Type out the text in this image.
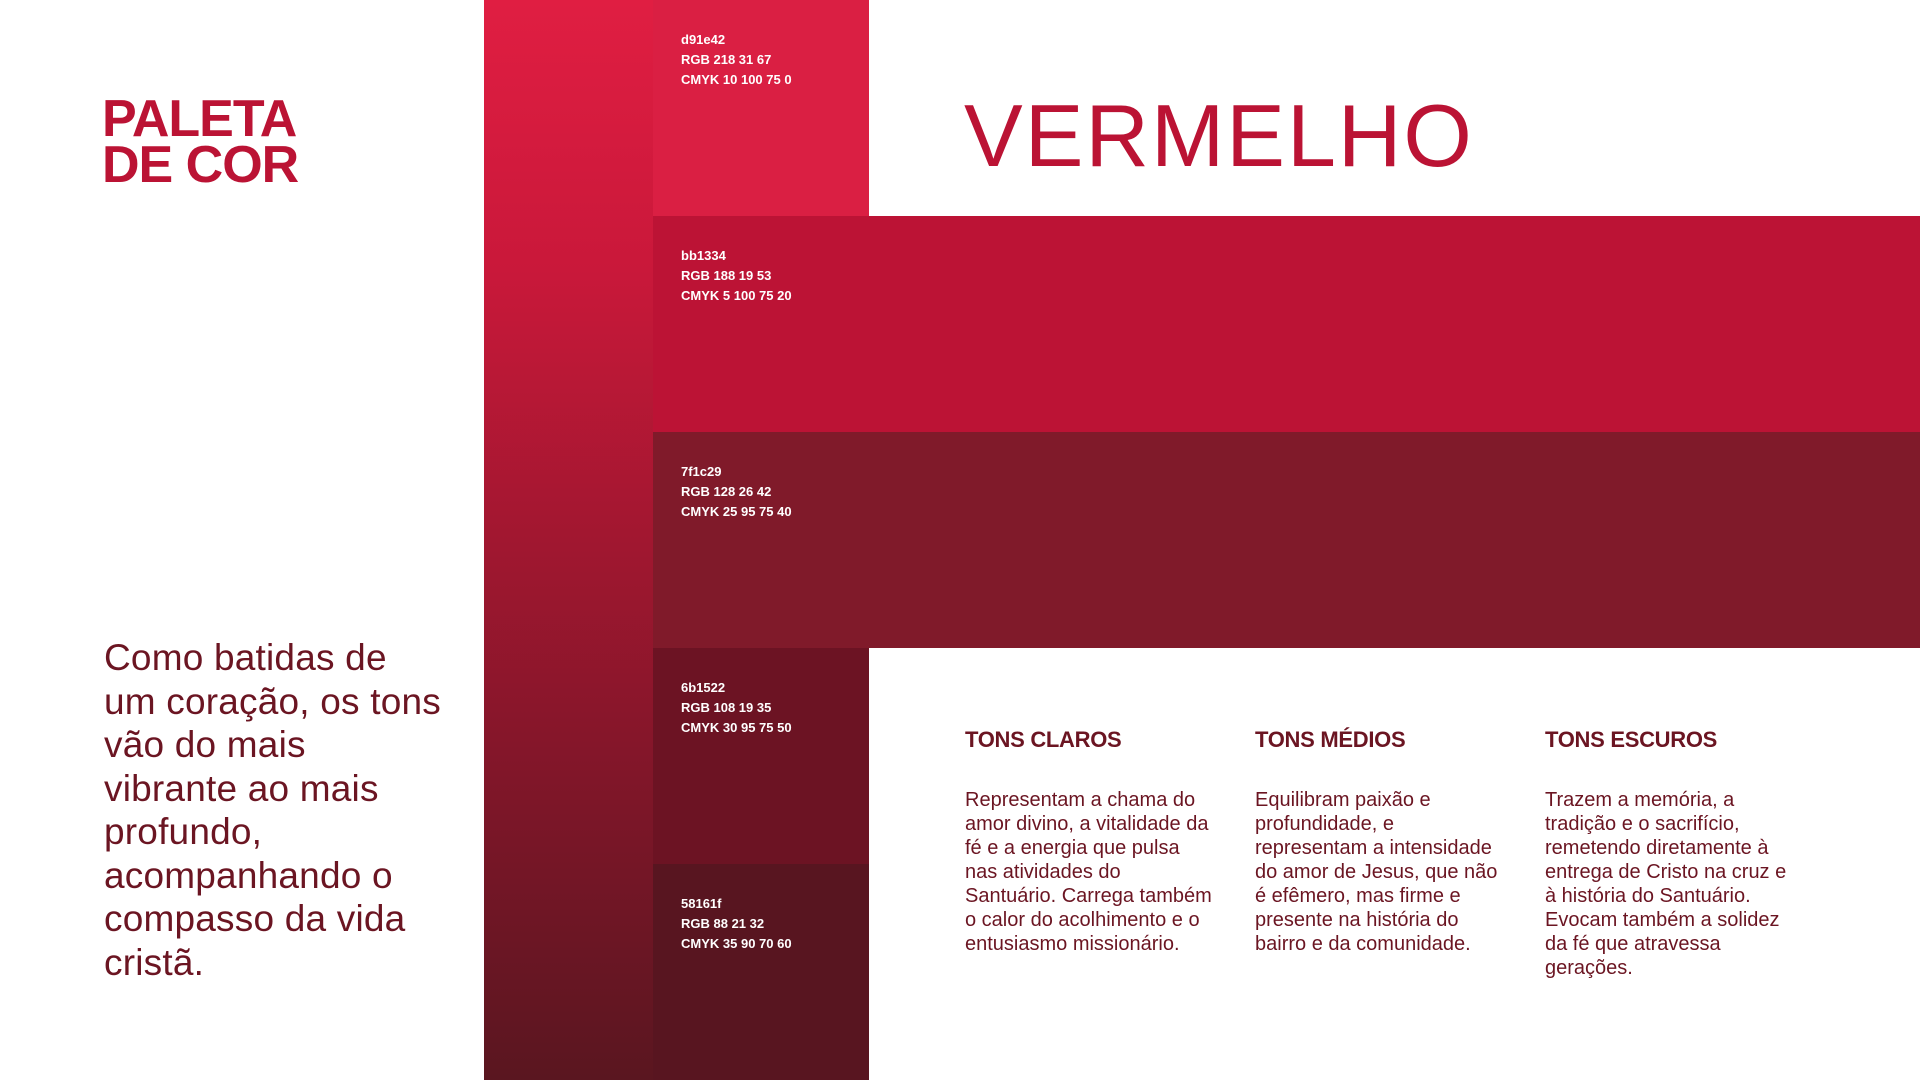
PALETA
DE COR
Como batidas de um coração, os tons vão do mais vibrante ao mais profundo, acompanhando o compasso da vida cristã.
d91e42
RGB 218 31 67
CMYK 10 100 75 0
bb1334
RGB 188 19 53
CMYK 5 100 75 20
7f1c29
RGB 128 26 42
CMYK 25 95 75 40
6b1522
RGB 108 19 35
CMYK 30 95 75 50
58161f
RGB 88 21 32
CMYK 35 90 70 60
VERMELHO

TONS CLAROS

Representam a chama do amor divino, a vitalidade da fé e a energia que pulsa nas atividades do Santuário. Carrega também o calor do acolhimento e o entusiasmo missionário.

TONS MÉDIOS

Equilibram paixão e profundidade, e representam a intensidade do amor de Jesus, que não é efêmero, mas firme e presente na história do bairro e da comunidade.

TONS ESCUROS

Trazem a memória, a tradição e o sacrifício, remetendo diretamente à entrega de Cristo na cruz e à história do Santuário. Evocam também a solidez da fé que atravessa gerações.
